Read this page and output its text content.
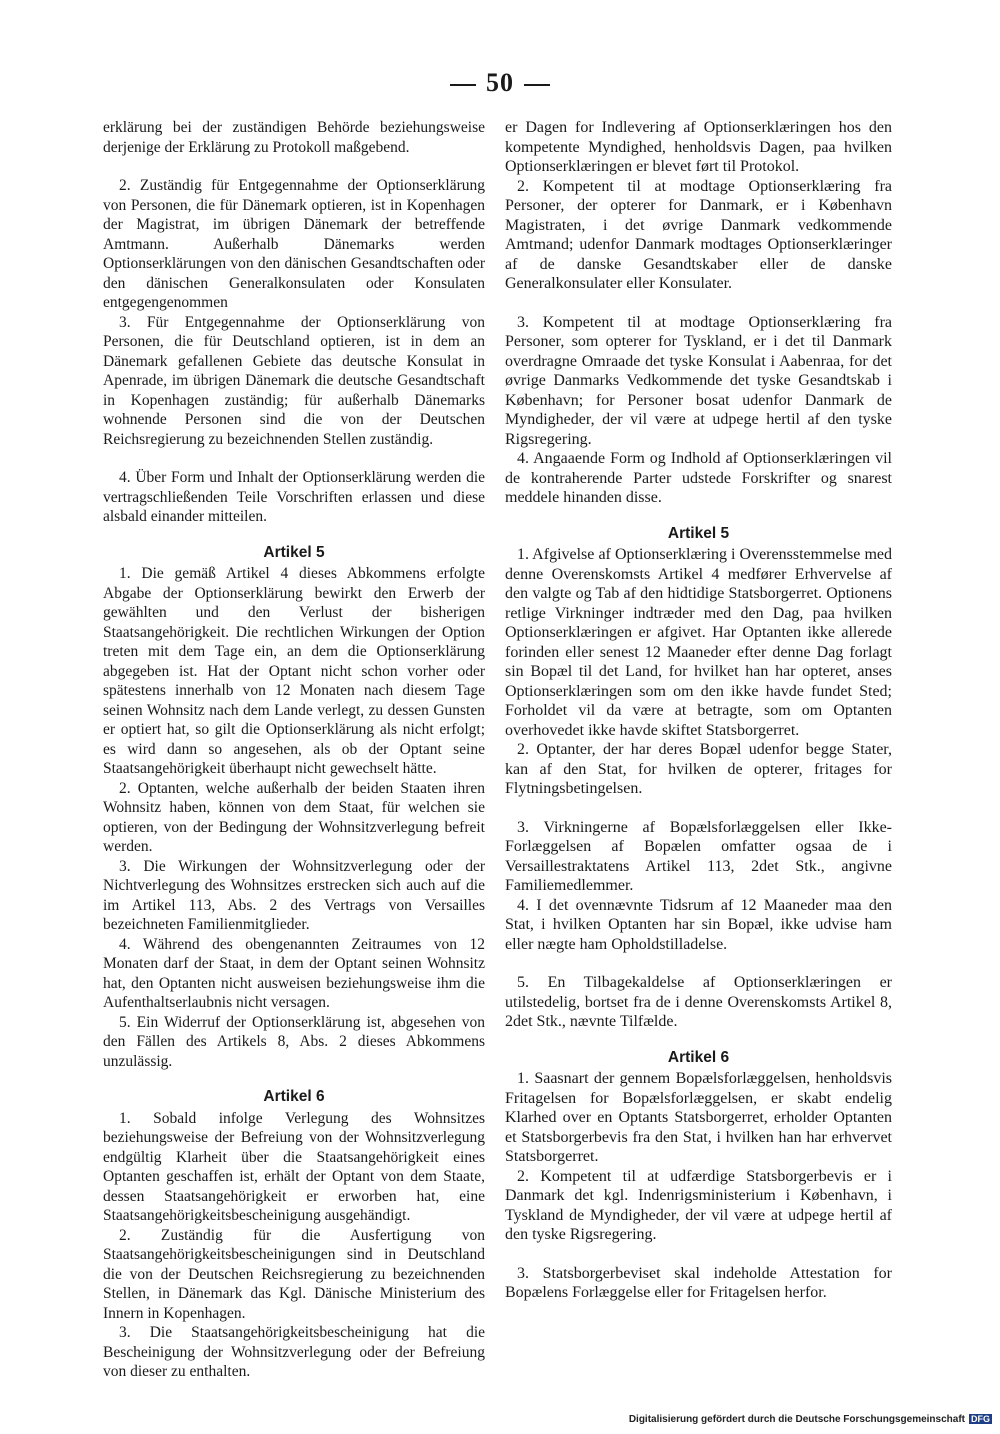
50

erklärung bei der zuständigen Behörde beziehungsweise derjenige der Erklärung zu Protokoll maßgebend.

2. Zuständig für Entgegennahme der Optionserklärung von Personen, die für Dänemark optieren, ist in Kopenhagen der Magistrat, im übrigen Dänemark der betreffende Amtmann. Außerhalb Dänemarks werden Optionserklärungen von den dänischen Gesandtschaften oder den dänischen Generalkonsulaten oder Konsulaten entgegengenommen

3. Für Entgegennahme der Optionserklärung von Personen, die für Deutschland optieren, ist in dem an Dänemark gefallenen Gebiete das deutsche Konsulat in Apenrade, im übrigen Dänemark die deutsche Gesandtschaft in Kopenhagen zuständig; für außerhalb Dänemarks wohnende Personen sind die von der Deutschen Reichsregierung zu bezeichnenden Stellen zuständig.

4. Über Form und Inhalt der Optionserklärung werden die vertragschließenden Teile Vorschriften erlassen und diese alsbald einander mitteilen.

Artikel 5

1. Die gemäß Artikel 4 dieses Abkommens erfolgte Abgabe der Optionserklärung bewirkt den Erwerb der gewählten und den Verlust der bisherigen Staatsangehörigkeit. Die rechtlichen Wirkungen der Option treten mit dem Tage ein, an dem die Optionserklärung abgegeben ist. Hat der Optant nicht schon vorher oder spätestens innerhalb von 12 Monaten nach diesem Tage seinen Wohnsitz nach dem Lande verlegt, zu dessen Gunsten er optiert hat, so gilt die Optionserklärung als nicht erfolgt; es wird dann so angesehen, als ob der Optant seine Staatsangehörigkeit überhaupt nicht gewechselt hätte.

2. Optanten, welche außerhalb der beiden Staaten ihren Wohnsitz haben, können von dem Staat, für welchen sie optieren, von der Bedingung der Wohnsitzverlegung befreit werden.

3. Die Wirkungen der Wohnsitzverlegung oder der Nichtverlegung des Wohnsitzes erstrecken sich auch auf die im Artikel 113, Abs. 2 des Vertrags von Versailles bezeichneten Familienmitglieder.

4. Während des obengenannten Zeitraumes von 12 Monaten darf der Staat, in dem der Optant seinen Wohnsitz hat, den Optanten nicht ausweisen beziehungsweise ihm die Aufenthaltserlaubnis nicht versagen.

5. Ein Widerruf der Optionserklärung ist, abgesehen von den Fällen des Artikels 8, Abs. 2 dieses Abkommens unzulässig.

Artikel 6

1. Sobald infolge Verlegung des Wohnsitzes beziehungsweise der Befreiung von der Wohnsitzverlegung endgültig Klarheit über die Staatsangehörigkeit eines Optanten geschaffen ist, erhält der Optant von dem Staate, dessen Staatsangehörigkeit er erworben hat, eine Staatsangehörigkeitsbescheinigung ausgehändigt.

2. Zuständig für die Ausfertigung von Staatsangehörigkeitsbescheinigungen sind in Deutschland die von der Deutschen Reichsregierung zu bezeichnenden Stellen, in Dänemark das Kgl. Dänische Ministerium des Innern in Kopenhagen.

3. Die Staatsangehörigkeitsbescheinigung hat die Bescheinigung der Wohnsitzverlegung oder der Befreiung von dieser zu enthalten.

er Dagen for Indlevering af Optionserklæringen hos den kompetente Myndighed, henholdsvis Dagen, paa hvilken Optionserklæringen er blevet ført til Protokol.

2. Kompetent til at modtage Optionserklæring fra Personer, der opterer for Danmark, er i København Magistraten, i det øvrige Danmark vedkommende Amtmand; udenfor Danmark modtages Optionserklæringer af de danske Gesandtskaber eller de danske Generalkonsulater eller Konsulater.

3. Kompetent til at modtage Optionserklæring fra Personer, som opterer for Tyskland, er i det til Danmark overdragne Omraade det tyske Konsulat i Aabenraa, for det øvrige Danmarks Vedkommende det tyske Gesandtskab i København; for Personer bosat udenfor Danmark de Myndigheder, der vil være at udpege hertil af den tyske Rigsregering.

4. Angaaende Form og Indhold af Optionserklæringen vil de kontraherende Parter udstede Forskrifter og snarest meddele hinanden disse.

Artikel 5

1. Afgivelse af Optionserklæring i Overensstemmelse med denne Overenskomsts Artikel 4 medfører Erhvervelse af den valgte og Tab af den hidtidige Statsborgerret. Optionens retlige Virkninger indtræder med den Dag, paa hvilken Optionserklæringen er afgivet. Har Optanten ikke allerede forinden eller senest 12 Maaneder efter denne Dag forlagt sin Bopæl til det Land, for hvilket han har opteret, anses Optionserklæringen som om den ikke havde fundet Sted; Forholdet vil da være at betragte, som om Optanten overhovedet ikke havde skiftet Statsborgerret.

2. Optanter, der har deres Bopæl udenfor begge Stater, kan af den Stat, for hvilken de opterer, fritages for Flytningsbetingelsen.

3. Virkningerne af Bopælsforlæggelsen eller Ikke-Forlæggelsen af Bopælen omfatter ogsaa de i Versaillestraktatens Artikel 113, 2det Stk., angivne Familiemedlemmer.

4. I det ovennævnte Tidsrum af 12 Maaneder maa den Stat, i hvilken Optanten har sin Bopæl, ikke udvise ham eller nægte ham Opholdstilladelse.

5. En Tilbagekaldelse af Optionserklæringen er utilstedelig, bortset fra de i denne Overenskomsts Artikel 8, 2det Stk., nævnte Tilfælde.

Artikel 6

1. Saasnart der gennem Bopælsforlæggelsen, henholdsvis Fritagelsen for Bopælsforlæggelsen, er skabt endelig Klarhed over en Optants Statsborgerret, erholder Optanten et Statsborgerbevis fra den Stat, i hvilken han har erhvervet Statsborgerret.

2. Kompetent til at udfærdige Statsborgerbevis er i Danmark det kgl. Indenrigsministerium i København, i Tyskland de Myndigheder, der vil være at udpege hertil af den tyske Rigsregering.

3. Statsborgerbeviset skal indeholde Attestation for Bopælens Forlæggelse eller for Fritagelsen herfor.

Digitalisierung gefördert durch die Deutsche Forschungsgemeinschaft DFG
